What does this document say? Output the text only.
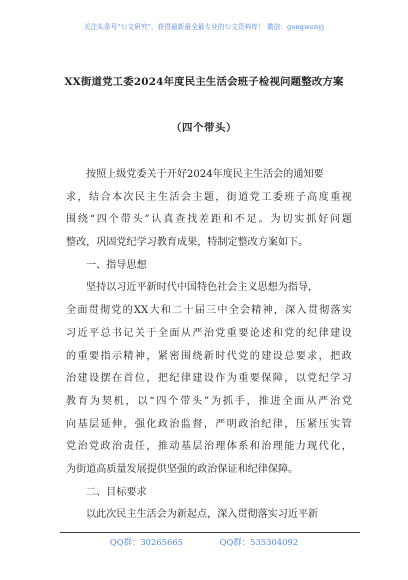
关注头条号“公文研究”，获得最新最全最专业的公文资料库！ 微信：gongwenyj
XX街道党工委2024年度民主生活会班子检视问题整改方案
（四个带头）
按照上级党委关于开好2024年度民主生活会的通知要
求 ， 结 合 本 次 民 主 生 活 会 主 题 ， 街 道 党 工 委 班 子 高 度 重 视
围 绕 “ 四 个 带 头 ” 认 真 查 找 差 距 和 不 足 。 为 切 实 抓 好 问 题
整改，巩固党纪学习教育成果，特制定整改方案如下。
一、指导思想
坚持以习近平新时代中国特色社会主义思想为指导，
全 面 贯 彻 党 的 XX 大 和 二 十 届 三 中 全 会 精 神 ， 深 入 贯 彻 落 实
习 近 平 总 书 记 关 于 全 面 从 严 治 党 重 要 论 述 和 党 的 纪 律 建 设
的 重 要 指 示 精 神 ， 紧 密 围 绕 新 时 代 党 的 建 设 总 要 求 ， 把 政
治 建 设 摆 在 首 位 ， 把 纪 律 建 设 作 为 重 要 保 障 ， 以 党 纪 学 习
教 育 为 契 机 ， 以 “ 四 个 带 头 ” 为 抓 手 ， 推 进 全 面 从 严 治 党
向 基 层 延 伸 ， 强 化 政 治 监 督 ， 严 明 政 治 纪 律 ， 压 紧 压 实 管
党 治 党 政 治 责 任 ， 推 动 基 层 治 理 体 系 和 治 理 能 力 现 代 化 ，
为街道高质量发展提供坚强的政治保证和纪律保障。
二、目标要求
以此次民主生活会为新起点，深入贯彻落实习近平新
QQ群：30265665	QQ群：535304092
